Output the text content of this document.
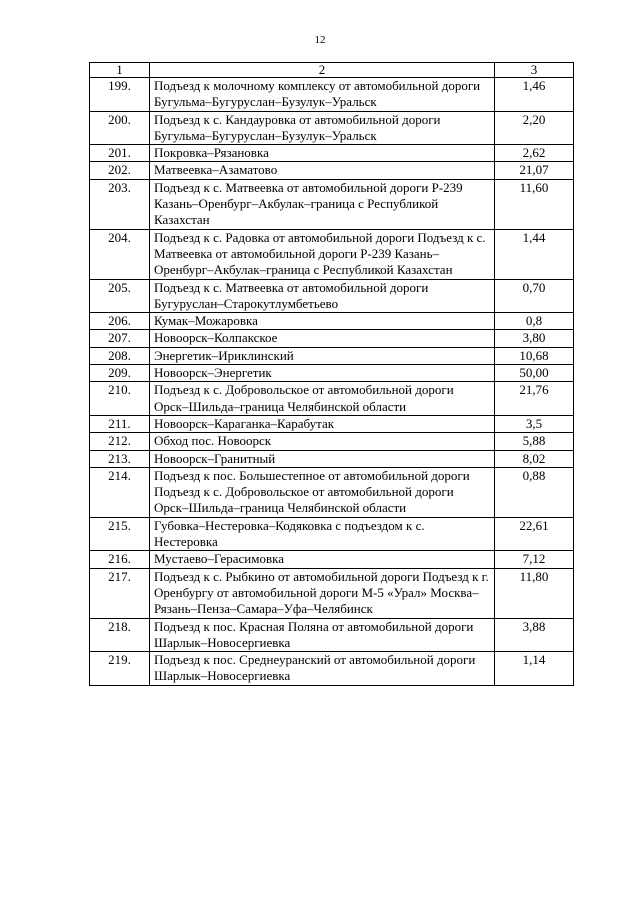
12
1	2	3
199.	Подъезд к молочному комплексу от автомобильной дороги Бугульма–Бугуруслан–Бузулук–Уральск	1,46
200.	Подъезд к с. Кандауровка от автомобильной дороги Бугульма–Бугуруслан–Бузулук–Уральск	2,20
201.	Покровка–Рязановка	2,62
202.	Матвеевка–Азаматово	21,07
203.	Подъезд к с. Матвеевка от автомобильной дороги Р-239 Казань–Оренбург–Акбулак–граница с Республикой Казахстан	11,60
204.	Подъезд к с. Радовка от автомобильной дороги Подъезд к с. Матвеевка от автомобильной дороги Р-239 Казань–Оренбург–Акбулак–граница с Республикой Казахстан	1,44
205.	Подъезд к с. Матвеевка от автомобильной дороги Бугуруслан–Старокутлумбетьево	0,70
206.	Кумак–Можаровка	0,8
207.	Новоорск–Колпакское	3,80
208.	Энергетик–Ириклинский	10,68
209.	Новоорск–Энергетик	50,00
210.	Подъезд к с. Добровольское от автомобильной дороги Орск–Шильда–граница Челябинской области	21,76
211.	Новоорск–Караганка–Карабутак	3,5
212.	Обход пос. Новоорск	5,88
213.	Новоорск–Гранитный	8,02
214.	Подъезд к пос. Большестепное от автомобильной дороги Подъезд к с. Добровольское от автомобильной дороги Орск–Шильда–граница Челябинской области	0,88
215.	Губовка–Нестеровка–Кодяковка с подъездом к с. Нестеровка	22,61
216.	Мустаево–Герасимовка	7,12
217.	Подъезд к с. Рыбкино от автомобильной дороги Подъезд к г. Оренбургу от автомобильной дороги М-5 «Урал» Москва–Рязань–Пенза–Самара–Уфа–Челябинск	11,80
218.	Подъезд к пос. Красная Поляна от автомобильной дороги Шарлык–Новосергиевка	3,88
219.	Подъезд к пос. Среднеуранский от автомобильной дороги Шарлык–Новосергиевка	1,14
